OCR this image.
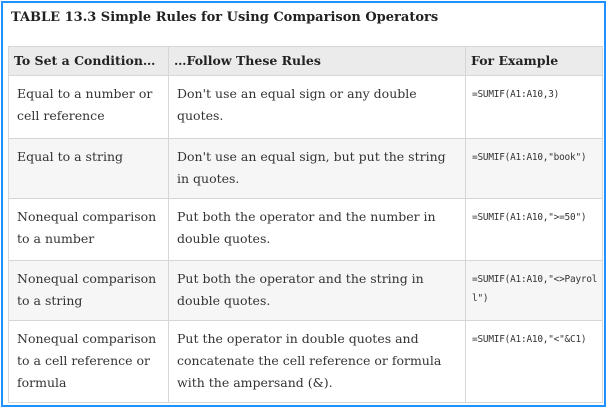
TABLE 13.3 Simple Rules for Using Comparison Operators
To Set a Condition…	…Follow These Rules	For Example
Equal to a number or cell reference	Don't use an equal sign or any double quotes.	=SUMIF(A1:A10,3)
Equal to a string	Don't use an equal sign, but put the string in quotes.	=SUMIF(A1:A10,"book")
Nonequal comparison to a number	Put both the operator and the number in double quotes.	=SUMIF(A1:A10,">=50")
Nonequal comparison to a string	Put both the operator and the string in double quotes.	=SUMIF(A1:A10,"<>Payroll")
Nonequal comparison to a cell reference or formula	Put the operator in double quotes and concatenate the cell reference or formula with the ampersand (&).	=SUMIF(A1:A10,"<"&C1)
